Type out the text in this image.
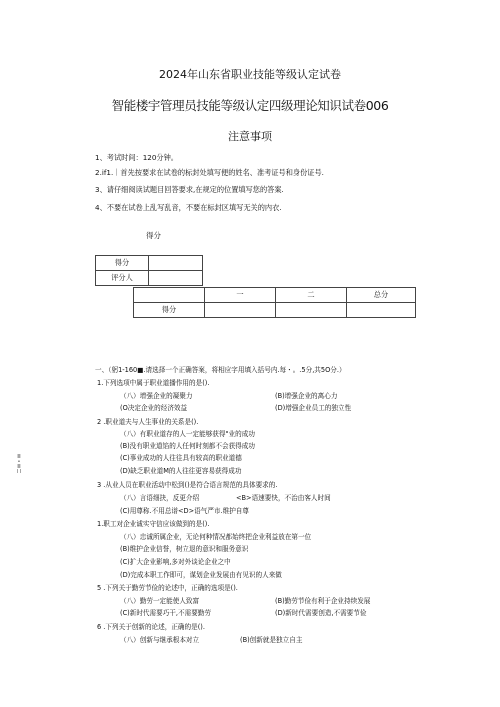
2024年山东省职业技能等级认定试卷
智能楼宇管理员技能等级认定四级理论知识试卷006
注意事项
1、考试时间：120分钟。
2.if1.｜首先按要求在试卷的标封处填写便的姓名、准考证号和身份证号.
3、请仔细阅读试题目回答要求,在规定的位置填写您的答案.
4、不要在试卷上乱写乱音，不要在标封区填写无关的内衣.
得分
得分	
评分人	
	一	二	总分
得分			
一、（躬1-160■.请选择一个正确答案，将相应字用填入括号内.每・。.5分,共5O分.）
1.下列选项中属于职业道播作用的是().
（八）增强企业的凝聚力	(B)增强企业的离心力
(O决定企业的经济效益	(D)增强企业员工的独立性
2 .职业道夫与人生事业的关系是().
（八）有职业道存的人一定能够获得"业的成功
(B)没有职业道馅的人任何时刻都不会获得成功
(C)事业成功的人往往具有较高的职业道德
(D)缺乏职业道M的人往往更容易获得成功
3 .从业人员在职业活动中松到()是符合语言规范的具体要求的.
（八）言语细抉，反更介绍	<B>语速要快，不治由客人时间
(C)用尊称.不用总谱<D>语气严市.维护自尊
1.职工对企业诚实守信应该做到的是().
（八）忠诚所属企业，无论何种情况都始终把企业利益放在第一位
(B)维护企业信誉，树立退的意识和服务意识
(C)扩大企业影响,多对外谈论企业之中
(D)完成本职工作即可，谋划企业发展由有见识的人来做
5 .下列关于勤劳节俭的论述中，正确的选项是().
（八）勤劳一定能使人致富	(B)勤劳节俭有利于企业持续发展
(C)新时代需要巧干,不需要勤劳	(D)新时代需要创造,不需要节俭
6 .下列关于创新的论述，正确的是().
（八）创新与继承根本对立	(B)创新就是独立自主
Ⅲ • Ⅲ Ⅰ Ⅰ
